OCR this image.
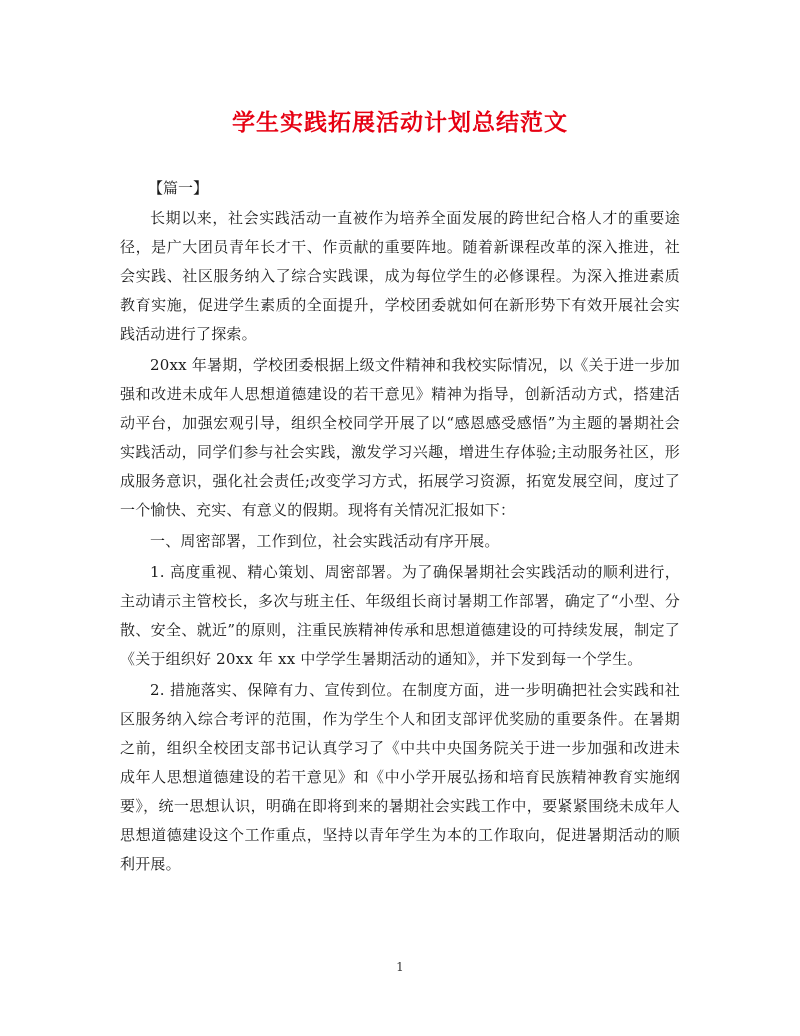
学生实践拓展活动计划总结范文
【篇一】

长期以来，社会实践活动一直被作为培养全面发展的跨世纪合格人才的重要途径，是广大团员青年长才干、作贡献的重要阵地。随着新课程改革的深入推进，社会实践、社区服务纳入了综合实践课，成为每位学生的必修课程。为深入推进素质教育实施，促进学生素质的全面提升，学校团委就如何在新形势下有效开展社会实践活动进行了探索。

20xx 年暑期，学校团委根据上级文件精神和我校实际情况，以《关于进一步加强和改进未成年人思想道德建设的若干意见》精神为指导，创新活动方式，搭建活动平台，加强宏观引导，组织全校同学开展了以“感恩感受感悟”为主题的暑期社会实践活动，同学们参与社会实践，激发学习兴趣，增进生存体验;主动服务社区，形成服务意识，强化社会责任;改变学习方式，拓展学习资源，拓宽发展空间，度过了一个愉快、充实、有意义的假期。现将有关情况汇报如下：

一、周密部署，工作到位，社会实践活动有序开展。

1. 高度重视、精心策划、周密部署。为了确保暑期社会实践活动的顺利进行，主动请示主管校长，多次与班主任、年级组长商讨暑期工作部署，确定了“小型、分散、安全、就近”的原则，注重民族精神传承和思想道德建设的可持续发展，制定了《关于组织好 20xx 年 xx 中学学生暑期活动的通知》，并下发到每一个学生。

2. 措施落实、保障有力、宣传到位。在制度方面，进一步明确把社会实践和社区服务纳入综合考评的范围，作为学生个人和团支部评优奖励的重要条件。在暑期之前，组织全校团支部书记认真学习了《中共中央国务院关于进一步加强和改进未成年人思想道德建设的若干意见》和《中小学开展弘扬和培育民族精神教育实施纲要》，统一思想认识，明确在即将到来的暑期社会实践工作中，要紧紧围绕未成年人思想道德建设这个工作重点，坚持以青年学生为本的工作取向，促进暑期活动的顺利开展。

1
